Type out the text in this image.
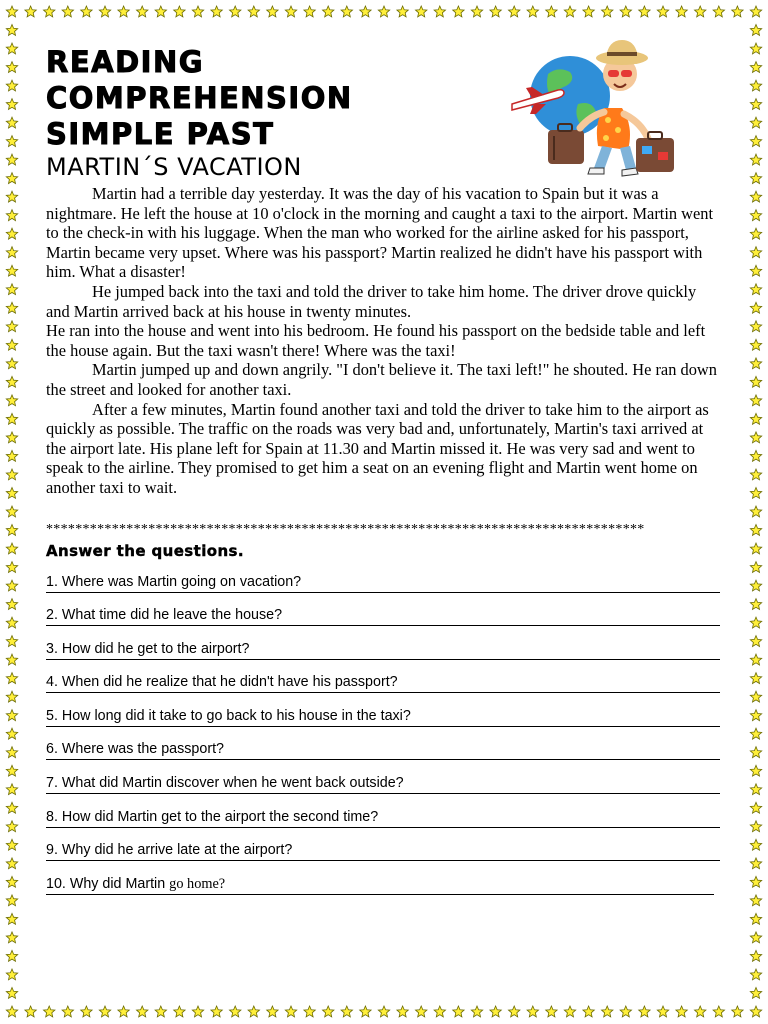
READING
COMPREHENSION
SIMPLE PAST
MARTIN´S VACATION

Martin had a terrible day yesterday. It was the day of his vacation to Spain but it was a nightmare. He left the house at 10 o'clock in the morning and caught a taxi to the airport. Martin went to the check-in with his luggage. When the man who worked for the airline asked for his passport, Martin became very upset. Where was his passport? Martin realized he didn't have his passport with him. What a disaster!

He jumped back into the taxi and told the driver to take him home. The driver drove quickly and Martin arrived back at his house in twenty minutes.

He ran into the house and went into his bedroom. He found his passport on the bedside table and left the house again. But the taxi wasn't there! Where was the taxi!

Martin jumped up and down angrily. "I don't believe it. The taxi left!" he shouted. He ran down the street and looked for another taxi.

After a few minutes, Martin found another taxi and told the driver to take him to the airport as quickly as possible. The traffic on the roads was very bad and, unfortunately, Martin's taxi arrived at the airport late. His plane left for Spain at 11.30 and Martin missed it. He was very sad and went to speak to the airline. They promised to get him a seat on an evening flight and Martin went home on another taxi to wait.

**********************************************************************************
Answer the questions.
1. Where was Martin going on vacation?
2. What time did he leave the house?
3. How did he get to the airport?
4. When did he realize that he didn't have his passport?
5. How long did it take to go back to his house in the taxi?
6. Where was the passport?
7. What did Martin discover when he went back outside?
8. How did Martin get to the airport the second time?
9. Why did he arrive late at the airport?
10. Why did Martin go home?
